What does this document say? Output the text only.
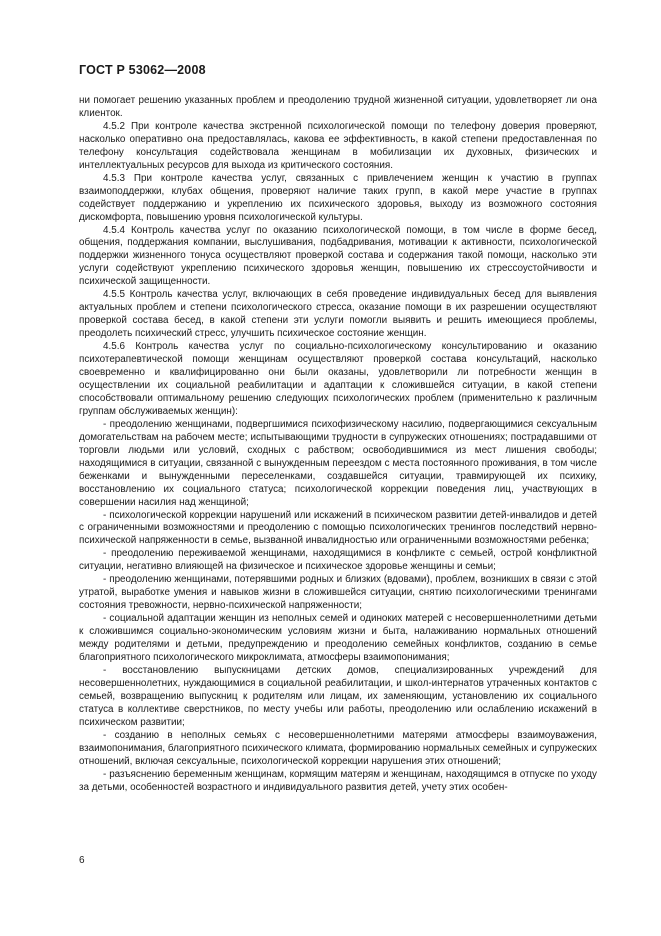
ГОСТ Р 53062—2008

ни помогает решению указанных проблем и преодолению трудной жизненной ситуации, удовлетворяет ли она клиенток.

4.5.2 При контроле качества экстренной психологической помощи по телефону доверия проверяют, насколько оперативно она предоставлялась, какова ее эффективность, в какой степени предоставленная по телефону консультация содействовала женщинам в мобилизации их духовных, физических и интеллектуальных ресурсов для выхода из критического состояния.

4.5.3 При контроле качества услуг, связанных с привлечением женщин к участию в группах взаимоподдержки, клубах общения, проверяют наличие таких групп, в какой мере участие в группах содействует поддержанию и укреплению их психического здоровья, выходу из возможного состояния дискомфорта, повышению уровня психологической культуры.

4.5.4 Контроль качества услуг по оказанию психологической помощи, в том числе в форме бесед, общения, поддержания компании, выслушивания, подбадривания, мотивации к активности, психологической поддержки жизненного тонуса осуществляют проверкой состава и содержания такой помощи, насколько эти услуги содействуют укреплению психического здоровья женщин, повышению их стрессоустойчивости и психической защищенности.

4.5.5 Контроль качества услуг, включающих в себя проведение индивидуальных бесед для выявления актуальных проблем и степени психологического стресса, оказание помощи в их разрешении осуществляют проверкой состава бесед, в какой степени эти услуги помогли выявить и решить имеющиеся проблемы, преодолеть психический стресс, улучшить психическое состояние женщин.

4.5.6 Контроль качества услуг по социально-психологическому консультированию и оказанию психотерапевтической помощи женщинам осуществляют проверкой состава консультаций, насколько своевременно и квалифицированно они были оказаны, удовлетворили ли потребности женщин в осуществлении их социальной реабилитации и адаптации к сложившейся ситуации, в какой степени способствовали оптимальному решению следующих психологических проблем (применительно к различным группам обслуживаемых женщин):

- преодолению женщинами, подвергшимися психофизическому насилию, подвергающимися сексуальным домогательствам на рабочем месте; испытывающими трудности в супружеских отношениях; пострадавшими от торговли людьми или условий, сходных с рабством; освободившимися из мест лишения свободы; находящимися в ситуации, связанной с вынужденным переездом с места постоянного проживания, в том числе беженками и вынужденными переселенками, создавшейся ситуации, травмирующей их психику, восстановлению их социального статуса; психологической коррекции поведения лиц, участвующих в совершении насилия над женщиной;

- психологической коррекции нарушений или искажений в психическом развитии детей-инвалидов и детей с ограниченными возможностями и преодолению с помощью психологических тренингов последствий нервно-психической напряженности в семье, вызванной инвалидностью или ограниченными возможностями ребенка;

- преодолению переживаемой женщинами, находящимися в конфликте с семьей, острой конфликтной ситуации, негативно влияющей на физическое и психическое здоровье женщины и семьи;

- преодолению женщинами, потерявшими родных и близких (вдовами), проблем, возникших в связи с этой утратой, выработке умения и навыков жизни в сложившейся ситуации, снятию психологическими тренингами состояния тревожности, нервно-психической напряженности;

- социальной адаптации женщин из неполных семей и одиноких матерей с несовершеннолетними детьми к сложившимся социально-экономическим условиям жизни и быта, налаживанию нормальных отношений между родителями и детьми, предупреждению и преодолению семейных конфликтов, созданию в семье благоприятного психологического микроклимата, атмосферы взаимопонимания;

- восстановлению выпускницами детских домов, специализированных учреждений для несовершеннолетних, нуждающимися в социальной реабилитации, и школ-интернатов утраченных контактов с семьей, возвращению выпускниц к родителям или лицам, их заменяющим, установлению их социального статуса в коллективе сверстников, по месту учебы или работы, преодолению или ослаблению искажений в психическом развитии;

- созданию в неполных семьях с несовершеннолетними матерями атмосферы взаимоуважения, взаимопонимания, благоприятного психического климата, формированию нормальных семейных и супружеских отношений, включая сексуальные, психологической коррекции нарушения этих отношений;

- разъяснению беременным женщинам, кормящим матерям и женщинам, находящимся в отпуске по уходу за детьми, особенностей возрастного и индивидуального развития детей, учету этих особен-

6
